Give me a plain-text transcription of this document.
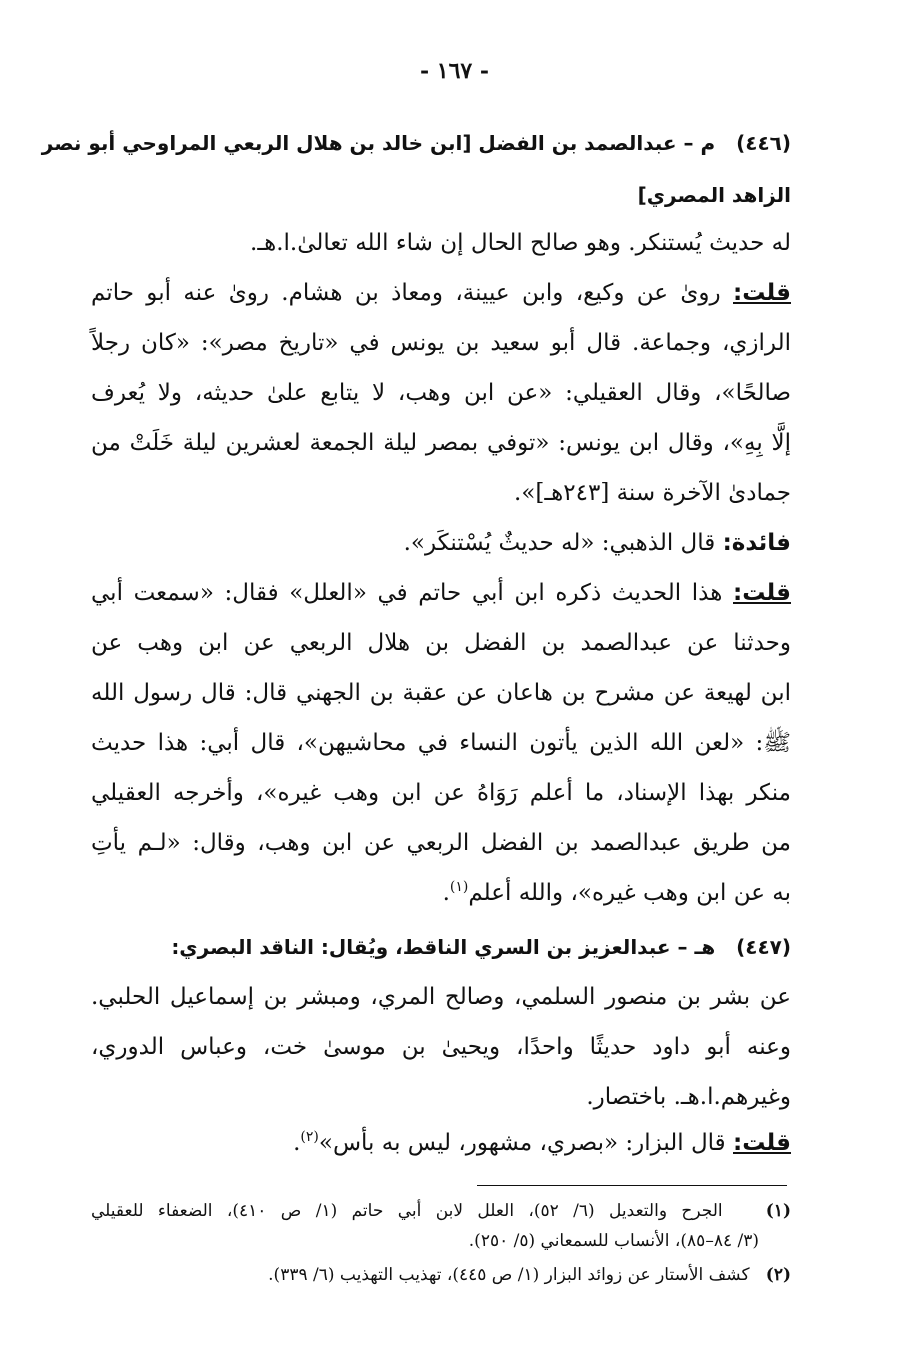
- ١٦٧ -
(٤٤٦)   م – عبدالصمد بن الفضل [ابن خالد بن هلال الربعي المراوحي أبو نصر
الزاهد المصري]
له حديث يُستنكر. وهو صالح الحال إن شاء الله تعالىٰ.ا.هـ.
قلت: روىٰ عن وكيع، وابن عيينة، ومعاذ بن هشام. روىٰ عنه أبو حاتم
الرازي، وجماعة. قال أبو سعيد بن يونس في «تاريخ مصر»: «كان رجلاً
صالحًا»، وقال العقيلي: «عن ابن وهب، لا يتابع علىٰ حديثه، ولا يُعرف
إلَّا بِهِ»، وقال ابن يونس: «توفي بمصر ليلة الجمعة لعشرين ليلة خَلَتْ من
جمادىٰ الآخرة سنة [٢٤٣هـ]».
فائدة: قال الذهبي: «له حديثٌ يُسْتنكَر».
قلت: هذا الحديث ذكره ابن أبي حاتم في «العلل» فقال: «سمعت أبي
وحدثنا عن عبدالصمد بن الفضل بن هلال الربعي عن ابن وهب عن
ابن لهيعة عن مشرح بن هاعان عن عقبة بن الجهني قال: قال رسول الله
ﷺ: «لعن الله الذين يأتون النساء في محاشيهن»، قال أبي: هذا حديث
منكر بهذا الإسناد، ما أعلم رَوَاهُ عن ابن وهب غيره»، وأخرجه العقيلي
من طريق عبدالصمد بن الفضل الربعي عن ابن وهب، وقال: «لـم يأتِ
به عن ابن وهب غيره»، والله أعلم$^{(١)}$.
(٤٤٧)   هـ – عبدالعزيز بن السري الناقط، ويُقال: الناقد البصري:
عن بشر بن منصور السلمي، وصالح المري، ومبشر بن إسماعيل الحلبي.
وعنه أبو داود حديثًا واحدًا، ويحيىٰ بن موسىٰ خت، وعباس الدوري،
وغيرهم.ا.هـ. باختصار.
قلت: قال البزار: «بصري، مشهور، ليس به بأس»$^{(٢)}$.
(١)   الجرح والتعديل (٦/ ٥٢)، العلل لابن أبي حاتم (١/ ص ٤١٠)، الضعفاء للعقيلي
(٣/ ٨٤–٨٥)، الأنساب للسمعاني (٥/ ٢٥٠).
(٢)   كشف الأستار عن زوائد البزار (١/ ص ٤٤٥)، تهذيب التهذيب (٦/ ٣٣٩).
